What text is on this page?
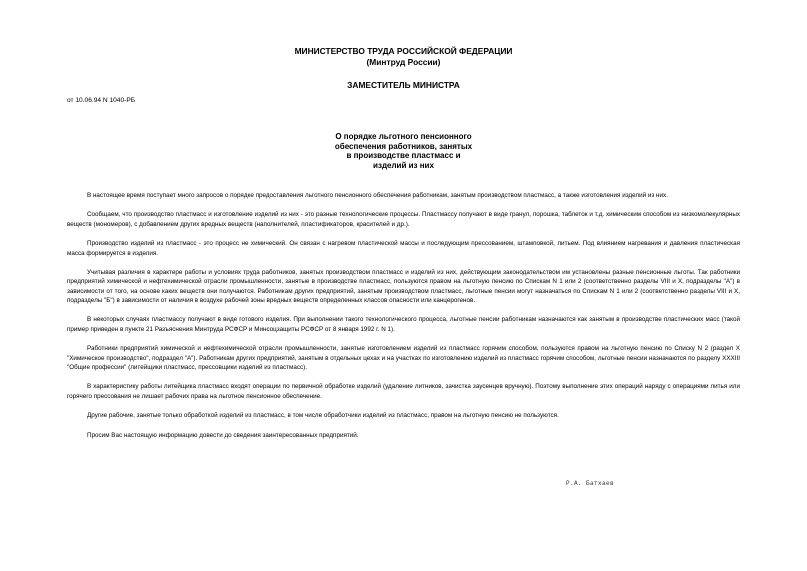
МИНИСТЕРСТВО ТРУДА РОССИЙСКОЙ ФЕДЕРАЦИИ
(Минтруд России)
ЗАМЕСТИТЕЛЬ МИНИСТРА
от 10.06.94 N 1040-РБ
О порядке льготного пенсионного
обеспечения работников, занятых
в производстве пластмасс и
изделий из них

В настоящее время поступает много запросов о порядке предоставления льготного пенсионного обеспечения работникам, занятым производством пластмасс, а также изготовления изделий из них.

Сообщаем, что производство пластмасс и изготовление изделий из них - это разные технологические процессы. Пластмассу получают в виде гранул, порошка, таблеток и т.д. химическим способом из низкомолекулярных веществ (мономеров), с добавлением других вредных веществ (наполнителей, пластификаторов, красителей и др.).

Производство изделий из пластмасс - это процесс не химический. Он связан с нагревом пластической массы и последующим прессованием, штамповкой, литьем. Под влиянием нагревания и давления пластическая масса формируется в изделия.

Учитывая различия в характере работы и условиях труда работников, занятых производством пластмасс и изделий из них, действующим законодательством им установлены разные пенсионные льготы. Так работники предприятий химической и нефтехимической отрасли промышленности, занятые в производстве пластмасс, пользуются правом на льготную пенсию по Спискам N 1 или 2 (соответственно разделы VIII и X, подразделы "А") в зависимости от того, на основе каких веществ они получаются. Работникам других предприятий, занятым производством пластмасс, льготные пенсии могут назначаться по Спискам N 1 или 2 (соответственно разделы VIII и X, подразделы "Б") в зависимости от наличия в воздухе рабочей зоны вредных веществ определенных классов опасности или канцерогенов.

В некоторых случаях пластмассу получают в виде готового изделия. При выполнении такого технологического процесса, льготные пенсии работникам назначаются как занятым в производстве пластических масс (такой пример приведен в пункте 21 Разъяснения Минтруда РСФСР и Минсоцзащиты РСФСР от 8 января 1992 г. N 1).

Работники предприятий химической и нефтехимической отрасли промышленности, занятые изготовлением изделий из пластмасс горячим способом, пользуются правом на льготную пенсию по Списку N 2 (раздел X "Химическое производство", подраздел "А"). Работникам других предприятий, занятым в отдельных цехах и на участках по изготовлению изделий из пластмасс горячим способом, льготные пенсии назначаются по разделу XXXIII "Общие профессии" (литейщики пластмасс, прессовщики изделий из пластмасс).

В характеристику работы литейщика пластмасс входят операции по первичной обработке изделий (удаление литников, зачистка заусенцев вручную). Поэтому выполнение этих операций наряду с операциями литья или горячего прессования не лишает рабочих права на льготное пенсионное обеспечение.

Другие рабочие, занятые только обработкой изделий из пластмасс, в том числе обработчики изделий из пластмасс, правом на льготную пенсию не пользуются.

Просим Вас настоящую информацию довести до сведения заинтересованных предприятий.

Р.А. Батхаев
